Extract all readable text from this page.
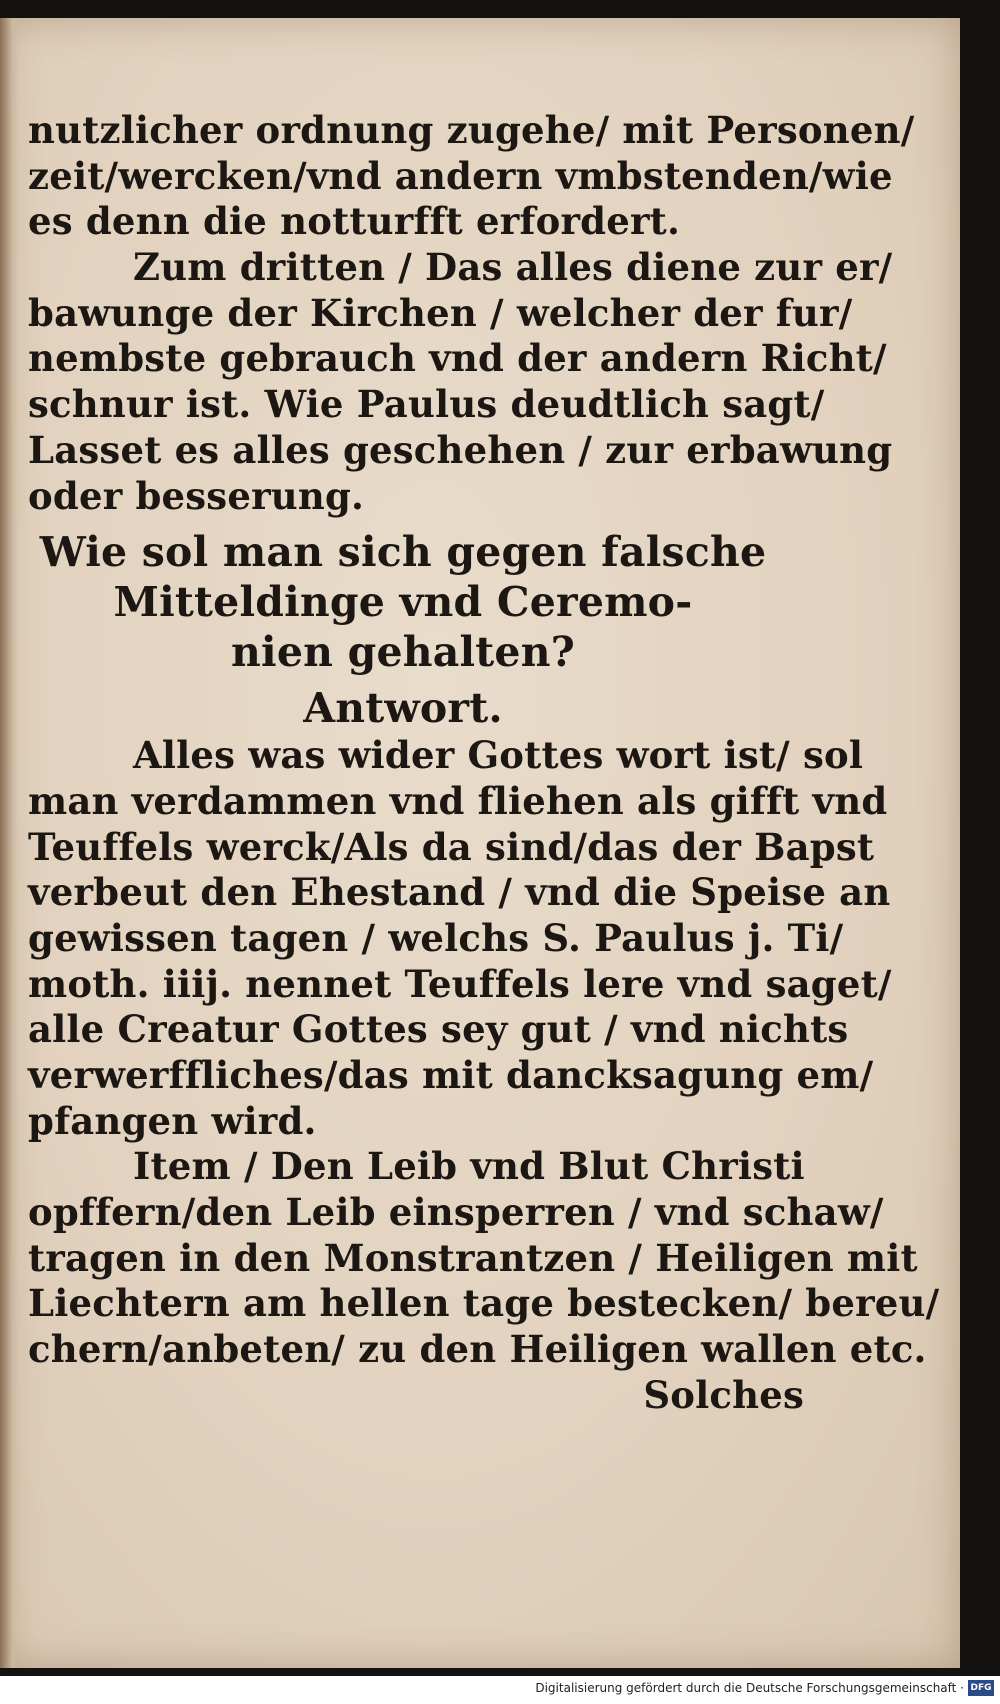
nutzlicher ordnung zugehe/ mit Personen/
zeit/wercken/vnd andern vmbstenden/wie
es denn die notturfft erfordert.
Zum dritten / Das alles diene zur er/
bawunge der Kirchen / welcher der fur/
nembste gebrauch vnd der andern Richt/
schnur ist. Wie Paulus deudtlich sagt/
Lasset es alles geschehen / zur erbawung
oder besserung.
Wie sol man sich gegen falsche
Mitteldinge vnd Ceremo-
nien gehalten?
Antwort.
Alles was wider Gottes wort ist/ sol
man verdammen vnd fliehen als gifft vnd
Teuffels werck/Als da sind/das der Bapst
verbeut den Ehestand / vnd die Speise an
gewissen tagen / welchs S. Paulus j. Ti/
moth. iiij. nennet Teuffels lere vnd saget/
alle Creatur Gottes sey gut / vnd nichts
verwerffliches/das mit dancksagung em/
pfangen wird.
Item / Den Leib vnd Blut Christi
opffern/den Leib einsperren / vnd schaw/
tragen in den Monstrantzen / Heiligen mit
Liechtern am hellen tage bestecken/ bereu/
chern/anbeten/ zu den Heiligen wallen etc.
Solches
Digitalisierung gefördert durch die Deutsche Forschungsgemeinschaft · DFG
